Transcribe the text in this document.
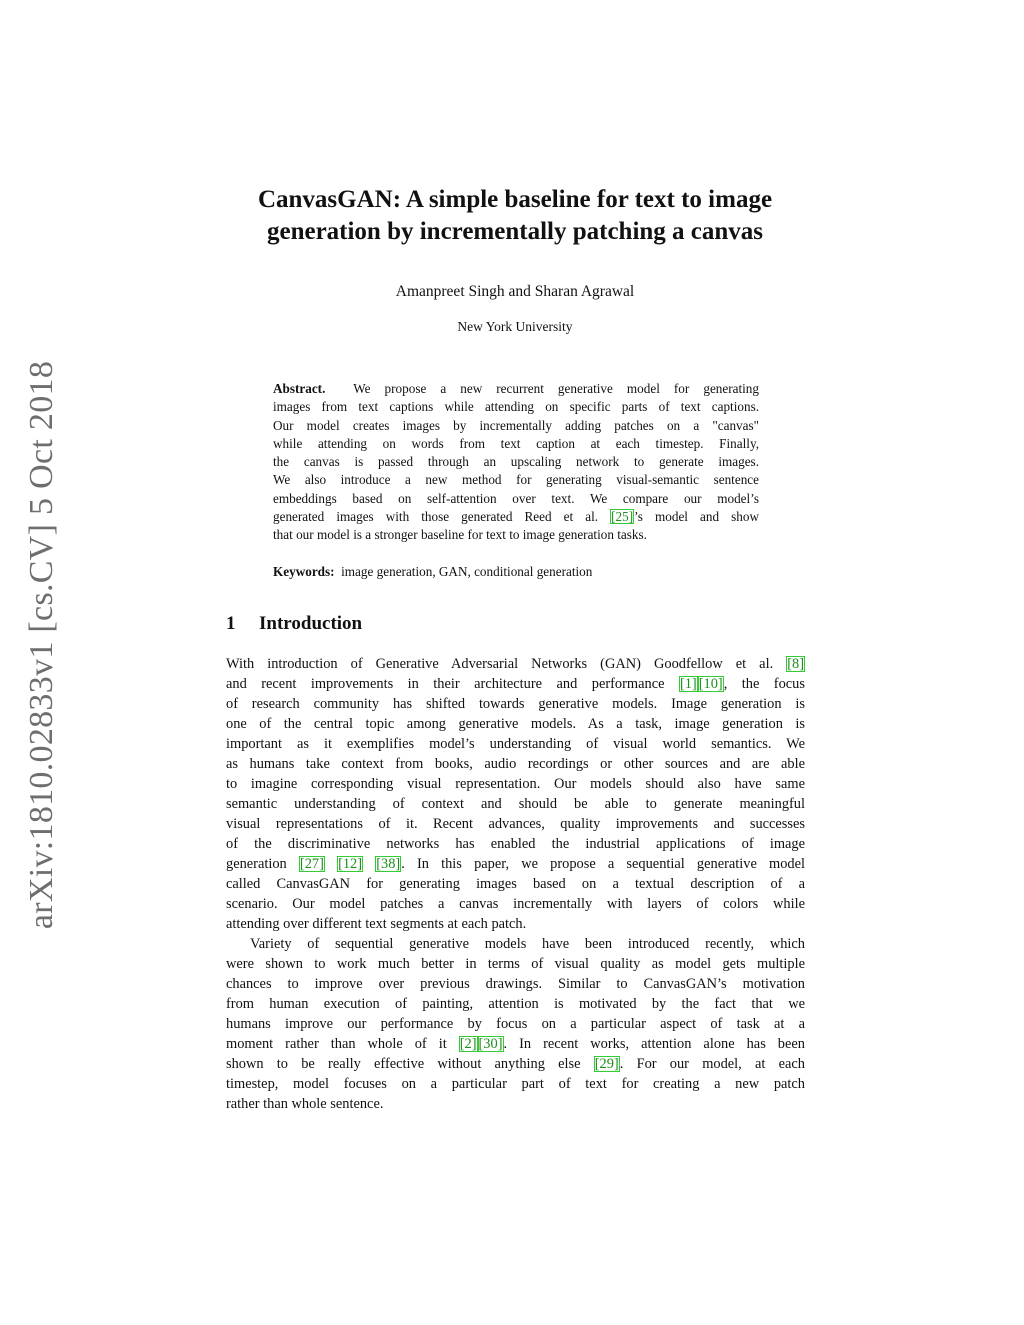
arXiv:1810.02833v1 [cs.CV] 5 Oct 2018
CanvasGAN: A simple baseline for text to image
generation by incrementally patching a canvas
Amanpreet Singh and Sharan Agrawal
New York University
Abstract. We propose a new recurrent generative model for generating
images from text captions while attending on specific parts of text captions.
Our model creates images by incrementally adding patches on a "canvas"
while attending on words from text caption at each timestep. Finally,
the canvas is passed through an upscaling network to generate images.
We also introduce a new method for generating visual-semantic sentence
embeddings based on self-attention over text. We compare our model’s
generated images with those generated Reed et al. [25]’s model and show
that our model is a stronger baseline for text to image generation tasks.
Keywords: image generation, GAN, conditional generation
1 Introduction
With introduction of Generative Adversarial Networks (GAN) Goodfellow et al. [8]
and recent improvements in their architecture and performance [1] [10], the focus
of research community has shifted towards generative models. Image generation is
one of the central topic among generative models. As a task, image generation is
important as it exemplifies model’s understanding of visual world semantics. We
as humans take context from books, audio recordings or other sources and are able
to imagine corresponding visual representation. Our models should also have same
semantic understanding of context and should be able to generate meaningful
visual representations of it. Recent advances, quality improvements and successes
of the discriminative networks has enabled the industrial applications of image
generation [27] [12] [38]. In this paper, we propose a sequential generative model
called CanvasGAN for generating images based on a textual description of a
scenario. Our model patches a canvas incrementally with layers of colors while
attending over different text segments at each patch.
Variety of sequential generative models have been introduced recently, which
were shown to work much better in terms of visual quality as model gets multiple
chances to improve over previous drawings. Similar to CanvasGAN’s motivation
from human execution of painting, attention is motivated by the fact that we
humans improve our performance by focus on a particular aspect of task at a
moment rather than whole of it [2] [30]. In recent works, attention alone has been
shown to be really effective without anything else [29]. For our model, at each
timestep, model focuses on a particular part of text for creating a new patch
rather than whole sentence.
